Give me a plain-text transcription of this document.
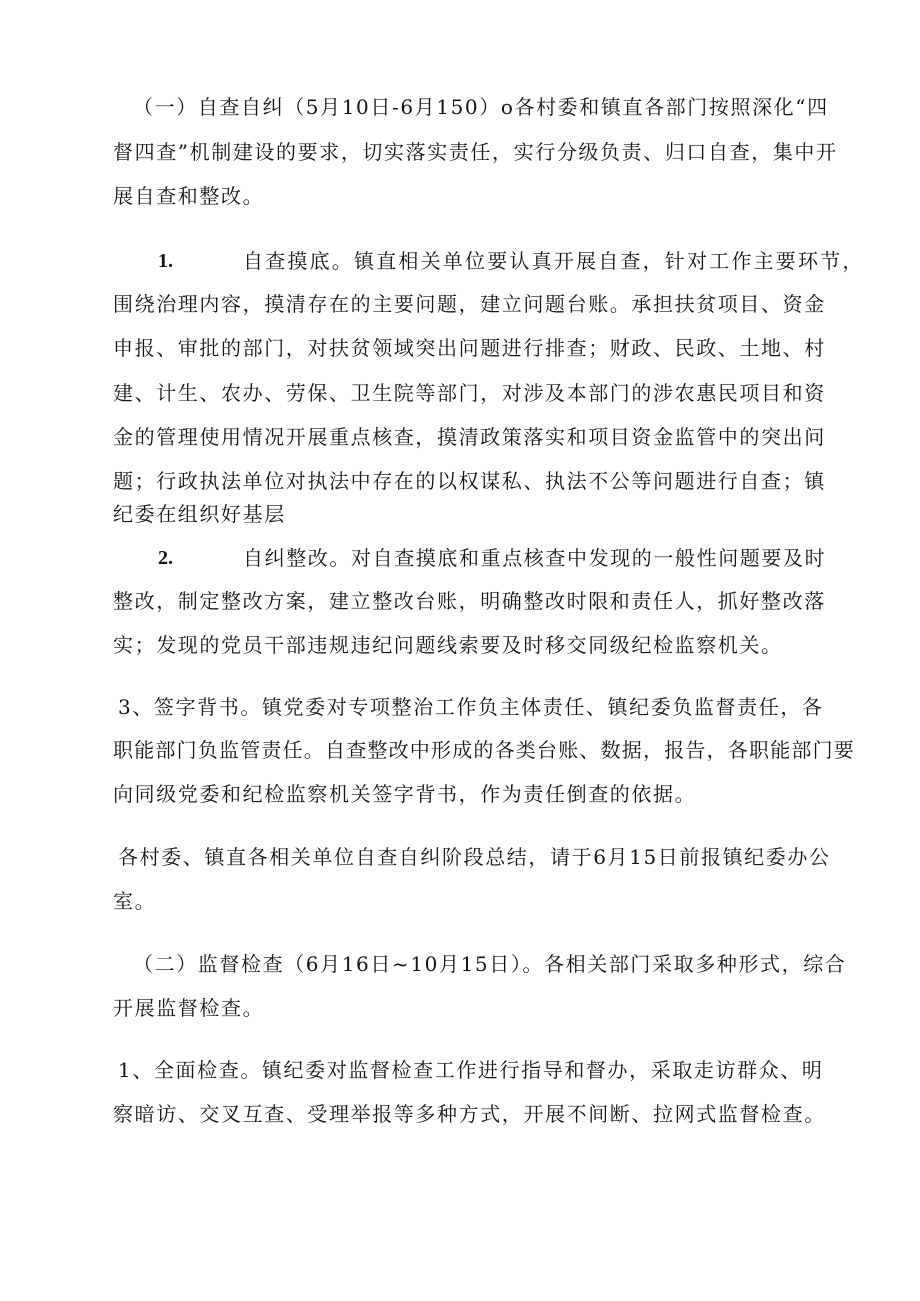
（一）自查自纠（5月10日-6月150）o各村委和镇直各部门按照深化“四
督四查”机制建设的要求，切实落实责任，实行分级负责、归口自查，集中开
展自查和整改。
1.	自查摸底。镇直相关单位要认真开展自查，针对工作主要环节，
围绕治理内容，摸清存在的主要问题，建立问题台账。承担扶贫项目、资金
申报、审批的部门，对扶贫领域突出问题进行排查；财政、民政、土地、村
建、计生、农办、劳保、卫生院等部门，对涉及本部门的涉农惠民项目和资
金的管理使用情况开展重点核查，摸清政策落实和项目资金监管中的突出问
题；行政执法单位对执法中存在的以权谋私、执法不公等问题进行自查；镇
纪委在组织好基层
2.	自纠整改。对自查摸底和重点核查中发现的一般性问题要及时
整改，制定整改方案，建立整改台账，明确整改时限和责任人，抓好整改落
实；发现的党员干部违规违纪问题线索要及时移交同级纪检监察机关。
3、签字背书。镇党委对专项整治工作负主体责任、镇纪委负监督责任，各
职能部门负监管责任。自查整改中形成的各类台账、数据，报告，各职能部门要
向同级党委和纪检监察机关签字背书，作为责任倒查的依据。
各村委、镇直各相关单位自查自纠阶段总结，请于6月15日前报镇纪委办公
室。
（二）监督检查（6月16日~10月15日）。各相关部门采取多种形式，综合
开展监督检查。
1、全面检查。镇纪委对监督检查工作进行指导和督办，采取走访群众、明
察暗访、交叉互查、受理举报等多种方式，开展不间断、拉网式监督检查。
